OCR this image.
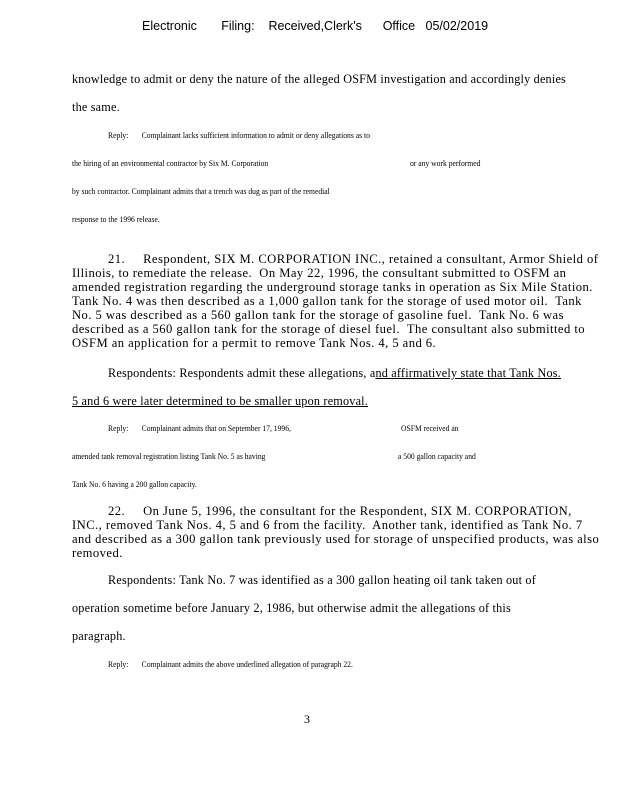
Electronic Filing: Received,Clerk's Office 05/02/2019
knowledge to admit or deny the nature of the alleged OSFM investigation and accordingly denies
the same.
Reply:       Complainant lacks sufficient information to admit or deny allegations as to
the hiring of an environmental contractor by Six M. Corporation	or any work performed
by such contractor. Complainant admits that a trench was dug as part of the remedial
response to the 1996 release.
21.     Respondent, SIX M. CORPORATION INC., retained a consultant, Armor Shield of Illinois, to remediate the release.  On May 22, 1996, the consultant submitted to OSFM an amended registration regarding the underground storage tanks in operation as Six Mile Station.  Tank No. 4 was then described as a 1,000 gallon tank for the storage of used motor oil.  Tank No. 5 was described as a 560 gallon tank for the storage of gasoline fuel.  Tank No. 6 was described as a 560 gallon tank for the storage of diesel fuel.  The consultant also submitted to OSFM an application for a permit to remove Tank Nos. 4, 5 and 6.
Respondents: Respondents admit these allegations, and affirmatively state that Tank Nos.
5 and 6 were later determined to be smaller upon removal.
Reply:       Complainant admits that on September 17, 1996,	OSFM received an
amended tank removal registration listing Tank No. 5 as having	a 500 gallon capacity and
Tank No. 6 having a 200 gallon capacity.
22.     On June 5, 1996, the consultant for the Respondent, SIX M. CORPORATION, INC., removed Tank Nos. 4, 5 and 6 from the facility.  Another tank, identified as Tank No. 7 and described as a 300 gallon tank previously used for storage of unspecified products, was also removed.
Respondents: Tank No. 7 was identified as a 300 gallon heating oil tank taken out of
operation sometime before January 2, 1986, but otherwise admit the allegations of this
paragraph.
Reply:       Complainant admits the above underlined allegation of paragraph 22.
3
